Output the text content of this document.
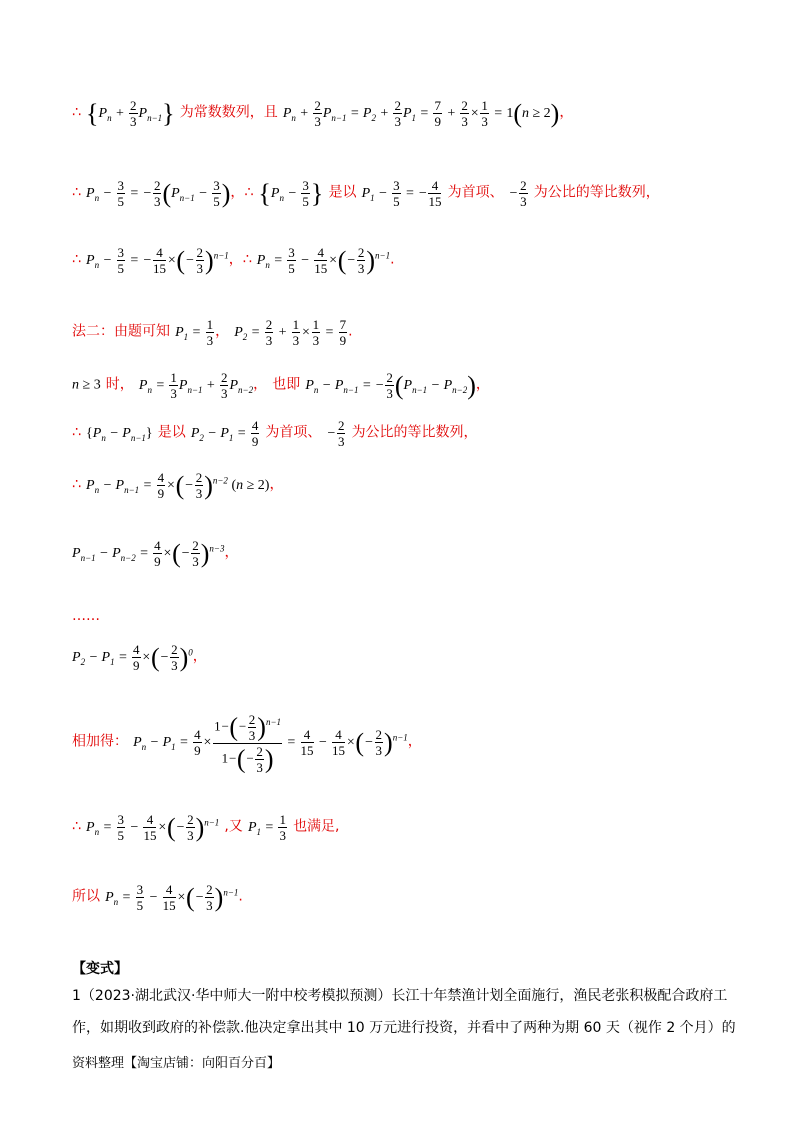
∴ $\{P_n + \frac{2}{3} P_{n-1}\}$ 为常数数列，且 $P_n + \frac{2}{3} P_{n-1} = P_2 + \frac{2}{3} P_1 = \frac{7}{9} + \frac{2}{3} \times \frac{1}{3} = 1(n \ge 2)$，
∴ $P_n - \frac{3}{5}$ = − $\frac{2}{3} (P_{n-1} - \frac{3}{5}$ )，∴ {$P_n - \frac{3}{5}$ } 是以 $P_1 - \frac{3}{5}$ = − $\frac{4}{15}$ 为首项、 − $\frac{2}{3}$ 为公比的等比数列，
∴ $P_n - \frac{3}{5}$ = − $\frac{4}{15}$ ×(− $\frac{2}{3} )^{n-1}$，∴ $P_n = \frac{3}{5} - \frac{4}{15}$ ×(− $\frac{2}{3} )^{n-1}$.
法二：由题可知 $P_1 = \frac{1}{3}$ ， $P_2 = \frac{2}{3} + \frac{1}{3} \times \frac{1}{3} = \frac{7}{9}$ .
n ≥ 3 时， $P_n = \frac{1}{3} P_{n-1} + \frac{2}{3} P_{n-2}$， 也即 $P_n - P_{n-1}$ = − $\frac{2}{3} (P_{n-1} - P_{n-2})$，
∴ $\{P_n - P_{n-1}\}$ 是以 $P_2 - P_1 = \frac{4}{9}$ 为首项、 − $\frac{2}{3}$ 为公比的等比数列，
∴ $P_n - P_{n-1} = \frac{4}{9}$ ×(− $\frac{2}{3} )^{n-2}$ (n ≥ 2)，
$P_{n-1} - P_{n-2} = \frac{4}{9}$ ×(− $\frac{2}{3} )^{n-3}$，
……
$P_2 - P_1 = \frac{4}{9}$ ×(− $\frac{2}{3} )^0$，
相加得： $P_n - P_1 = \frac{4}{9} \times \frac{1-(- \frac{2}{3} )^{n-1}}{1-(- \frac{2}{3} )} = \frac{4}{15} - \frac{4}{15}$ ×(− $\frac{2}{3} )^{n-1}$，
∴ $P_n = \frac{3}{5} - \frac{4}{15}$ ×(− $\frac{2}{3} )^{n-1}$ ,又 $P_1 = \frac{1}{3}$ 也满足,
所以 $P_n = \frac{3}{5} - \frac{4}{15}$ ×(− $\frac{2}{3} )^{n-1}$.
【变式】
1（2023·湖北武汉·华中师大一附中校考模拟预测）长江十年禁渔计划全面施行，渔民老张积极配合政府工
作，如期收到政府的补偿款.他决定拿出其中 10 万元进行投资，并看中了两种为期 60 天（视作 2 个月）的
资料整理【淘宝店铺：向阳百分百】
